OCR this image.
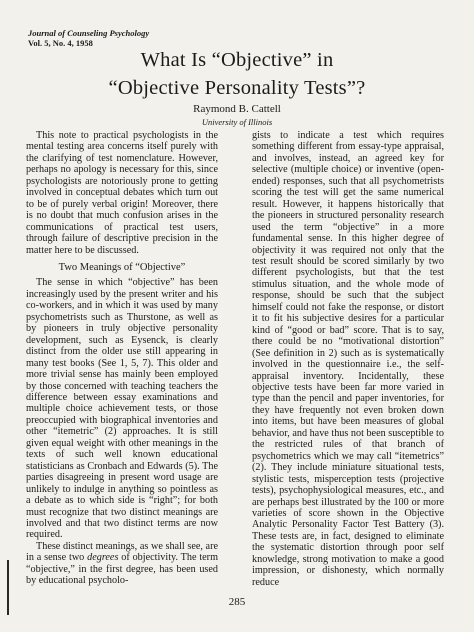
Journal of Counseling Psychology
Vol. 5, No. 4, 1958
What Is “Objective” in
“Objective Personality Tests”?
Raymond B. Cattell
University of Illinois

This note to practical psychologists in the mental testing area concerns itself purely with the clarifying of test nomenclature. However, perhaps no apology is necessary for this, since psychologists are notoriously prone to getting involved in conceptual debates which turn out to be of purely verbal origin! Moreover, there is no doubt that much confusion arises in the communications of practical test users, through failure of descriptive precision in the matter here to be discussed.

Two Meanings of “Objective”

The sense in which “objective” has been increasingly used by the present writer and his co-workers, and in which it was used by many psychometrists such as Thurstone, as well as by pioneers in truly objective personality development, such as Eysenck, is clearly distinct from the older use still appearing in many test books (See 1, 5, 7). This older and more trivial sense has mainly been employed by those concerned with teaching teachers the difference between essay examinations and multiple choice achievement tests, or those preoccupied with biographical inventories and other “itemetric” (2) approaches. It is still given equal weight with other meanings in the texts of such well known educational statisticians as Cronbach and Edwards (5). The parties disagreeing in present word usage are unlikely to indulge in anything so pointless as a debate as to which side is “right”; for both must recognize that two distinct meanings are involved and that two distinct terms are now required.

These distinct meanings, as we shall see, are in a sense two degrees of objectivity. The term “objective,” in the first degree, has been used by educational psycholo-

gists to indicate a test which requires something different from essay-type appraisal, and involves, instead, an agreed key for selective (multiple choice) or inventive (open-ended) responses, such that all psychometrists scoring the test will get the same numerical result. However, it happens historically that the pioneers in structured personality research used the term “objective” in a more fundamental sense. In this higher degree of objectivity it was required not only that the test result should be scored similarly by two different psychologists, but that the test stimulus situation, and the whole mode of response, should be such that the subject himself could not fake the response, or distort it to fit his subjective desires for a particular kind of “good or bad” score. That is to say, there could be no “motivational distortion” (See definition in 2) such as is systematically involved in the questionnaire i.e., the self-appraisal inventory. Incidentally, these objective tests have been far more varied in type than the pencil and paper inventories, for they have frequently not even broken down into items, but have been measures of global behavior, and have thus not been susceptible to the restricted rules of that branch of psychometrics which we may call “itemetrics” (2). They include miniature situational tests, stylistic tests, misperception tests (projective tests), psychophysiological measures, etc., and are perhaps best illustrated by the 100 or more varieties of score shown in the Objective Analytic Personality Factor Test Battery (3). These tests are, in fact, designed to eliminate the systematic distortion through poor self knowledge, strong motivation to make a good impression, or dishonesty, which normally reduce

285
